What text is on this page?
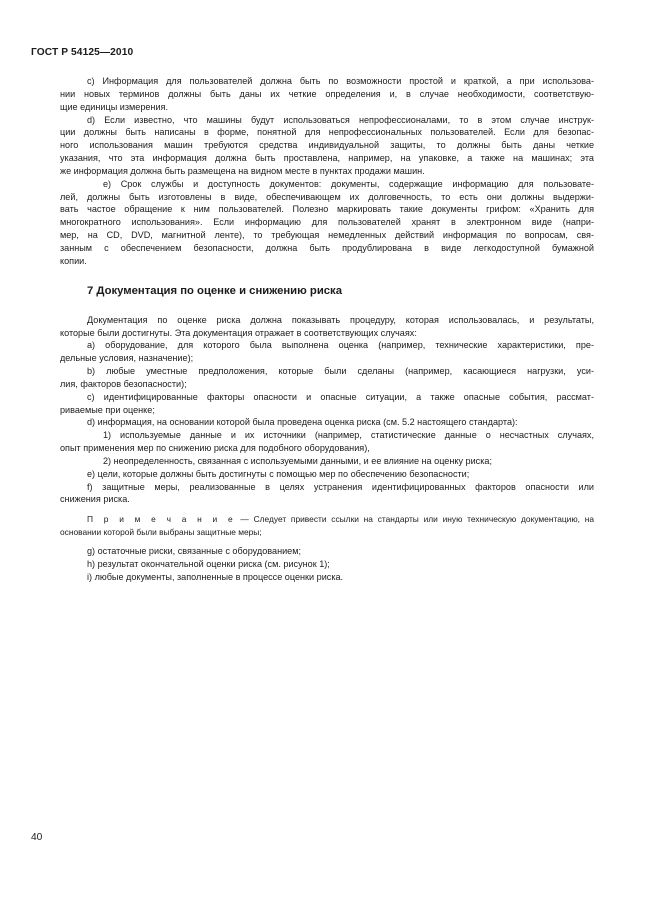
ГОСТ Р 54125—2010
с) Информация для пользователей должна быть по возможности простой и краткой, а при использова-
нии новых терминов должны быть даны их четкие определения и, в случае необходимости, соответствую-
щие единицы измерения.
d) Если известно, что машины будут использоваться непрофессионалами, то в этом случае инструк-
ции должны быть написаны в форме, понятной для непрофессиональных пользователей. Если для безопас-
ного использования машин требуются средства индивидуальной защиты, то должны быть даны четкие
указания, что эта информация должна быть проставлена, например, на упаковке, а также на машинах; эта
же информация должна быть размещена на видном месте в пунктах продажи машин.
е) Срок службы и доступность документов: документы, содержащие информацию для пользовате-
лей, должны быть изготовлены в виде, обеспечивающем их долговечность, то есть они должны выдержи-
вать частое обращение к ним пользователей. Полезно маркировать такие документы грифом: «Хранить для
многократного использования». Если информацию для пользователей хранят в электронном виде (напри-
мер, на CD, DVD, магнитной ленте), то требующая немедленных действий информация по вопросам, свя-
занным с обеспечением безопасности, должна быть продублирована в виде легкодоступной бумажной
копии.
7 Документация по оценке и снижению риска
Документация по оценке риска должна показывать процедуру, которая использовалась, и результаты,
которые были достигнуты. Эта документация отражает в соответствующих случаях:
a) оборудование, для которого была выполнена оценка (например, технические характеристики, пре-
дельные условия, назначение);
b) любые уместные предположения, которые были сделаны (например, касающиеся нагрузки, уси-
лия, факторов безопасности);
c) идентифицированные факторы опасности и опасные ситуации, а также опасные события, рассмат-
риваемые при оценке;
d) информация, на основании которой была проведена оценка риска (см. 5.2 настоящего стандарта):
1) используемые данные и их источники (например, статистические данные о несчастных случаях,
опыт применения мер по снижению риска для подобного оборудования),
2) неопределенность, связанная с используемыми данными, и ее влияние на оценку риска;
e) цели, которые должны быть достигнуты с помощью мер по обеспечению безопасности;
f) защитные меры, реализованные в целях устранения идентифицированных факторов опасности или
снижения риска.
П р и м е ч а н и е — Следует привести ссылки на стандарты или иную техническую документацию, на
основании которой были выбраны защитные меры;
g) остаточные риски, связанные с оборудованием;
h) результат окончательной оценки риска (см. рисунок 1);
i) любые документы, заполненные в процессе оценки риска.
40
